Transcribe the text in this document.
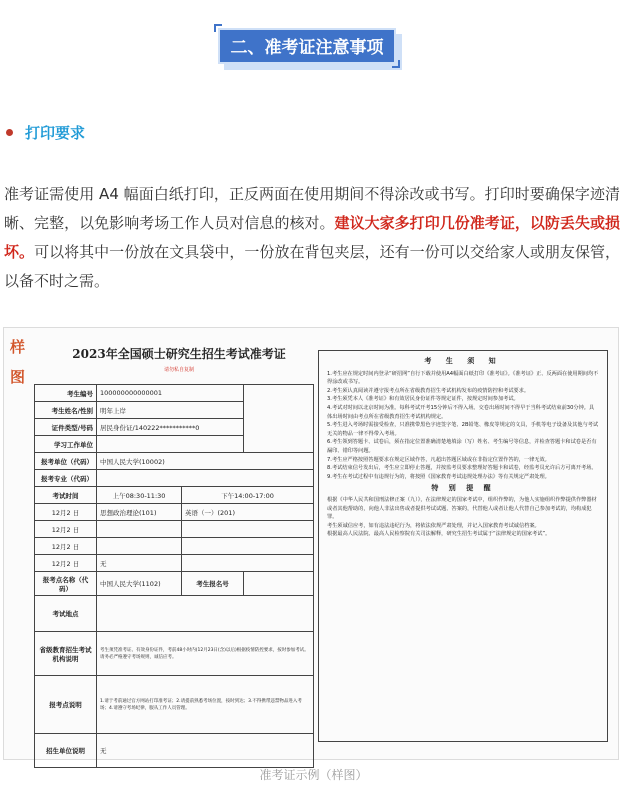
二、准考证注意事项
打印要求
准考证需使用 A4 幅面白纸打印，正反两面在使用期间不得涂改或书写。打印时要确保字迹清晰、完整，以免影响考场工作人员对信息的核对。建议大家多打印几份准考证，以防丢失或损坏。可以将其中一份放在文具袋中，一份放在背包夹层，还有一份可以交给家人或朋友保管，以备不时之需。
样
图
2023年全国硕士研究生招生考试准考证
请勿私自复制
考生编号	100000000000001		
考生姓名/性别	明年上岸		
证件类型/号码	居民身份证/140222***********0		
学习工作单位			
报考单位（代码）	中国人民大学(10002)		
报考专业（代码）			
考试时间	上午08:30-11:30	下午14:00-17:00	
12月2 日	思想政治理论(101)	英语（一）(201)	
12月2 日			
12月2 日			
12月2 日	无		
报考点名称（代码）	中国人民大学(1102)	考生报名号	
考试地点			
省级教育招生考试机构说明	考生须凭准考证、有效身份证件，考前48小时内(12月23日(含)以后)根据疫情防控要求，按时参加考试。请务必严格遵守考场规则，诚信应考。		
报考点说明	1.请于考前通过官方网站打印准考证；2.请提前熟悉考场位置，按时到达；3.不得携带违禁物品进入考场；4.请遵守考场纪律，服从工作人员管理。		
招生单位说明	无		
考 生 须 知
1.考生应在规定时间内登录“研招网”自行下载并使用A4幅面白纸打印《准考证》。《准考证》正、反两面在使用期间均不得涂改或书写。
2.考生须认真阅读并遵守报考点所在省级教育招生考试机构发布的疫情防控和考试要求。
3.考生须凭本人《准考证》和有效居民身份证件等规定证件，按规定时间参加考试。
4.考试对时间以北京时间为准。每科考试开考15分钟后不得入场。交卷出场时间不得早于当科考试结束前30分钟。具体出场时间由考点所在省级教育招生考试机构规定。
5.考生进入考场时需接受检查，只准携带黑色字迹签字笔、2B铅笔、橡皮等规定的文具，手机等电子设备及其他与考试无关的物品一律不得带入考场。
6.考生领到答题卡、试卷后，须在指定位置准确清楚地填涂（写）姓名、考生编号等信息，并检查答题卡和试卷是否有漏印、错印等问题。
7.考生应严格按照答题要求在规定区域作答，凡超出答题区域或在非指定位置作答的，一律无效。
8.考试结束信号发出后，考生应立即停止答题，并按监考员要求整理好答题卡和试卷，经监考员允许后方可离开考场。
9.考生在考试过程中有违规行为的，将按照《国家教育考试违规处理办法》等有关规定严肃处理。
特 别 提 醒
根据《中华人民共和国刑法修正案（九）》，在法律规定的国家考试中，组织作弊的，为他人实施组织作弊提供作弊器材或者其他帮助的，向他人非法出售或者提供考试试题、答案的，代替他人或者让他人代替自己参加考试的，均构成犯罪。
考生须诚信应考，如有违法违纪行为，将依法依规严肃处理，并记入国家教育考试诚信档案。
根据最高人民法院、最高人民检察院有关司法解释，研究生招生考试属于“法律规定的国家考试”。
准考证示例（样图）
